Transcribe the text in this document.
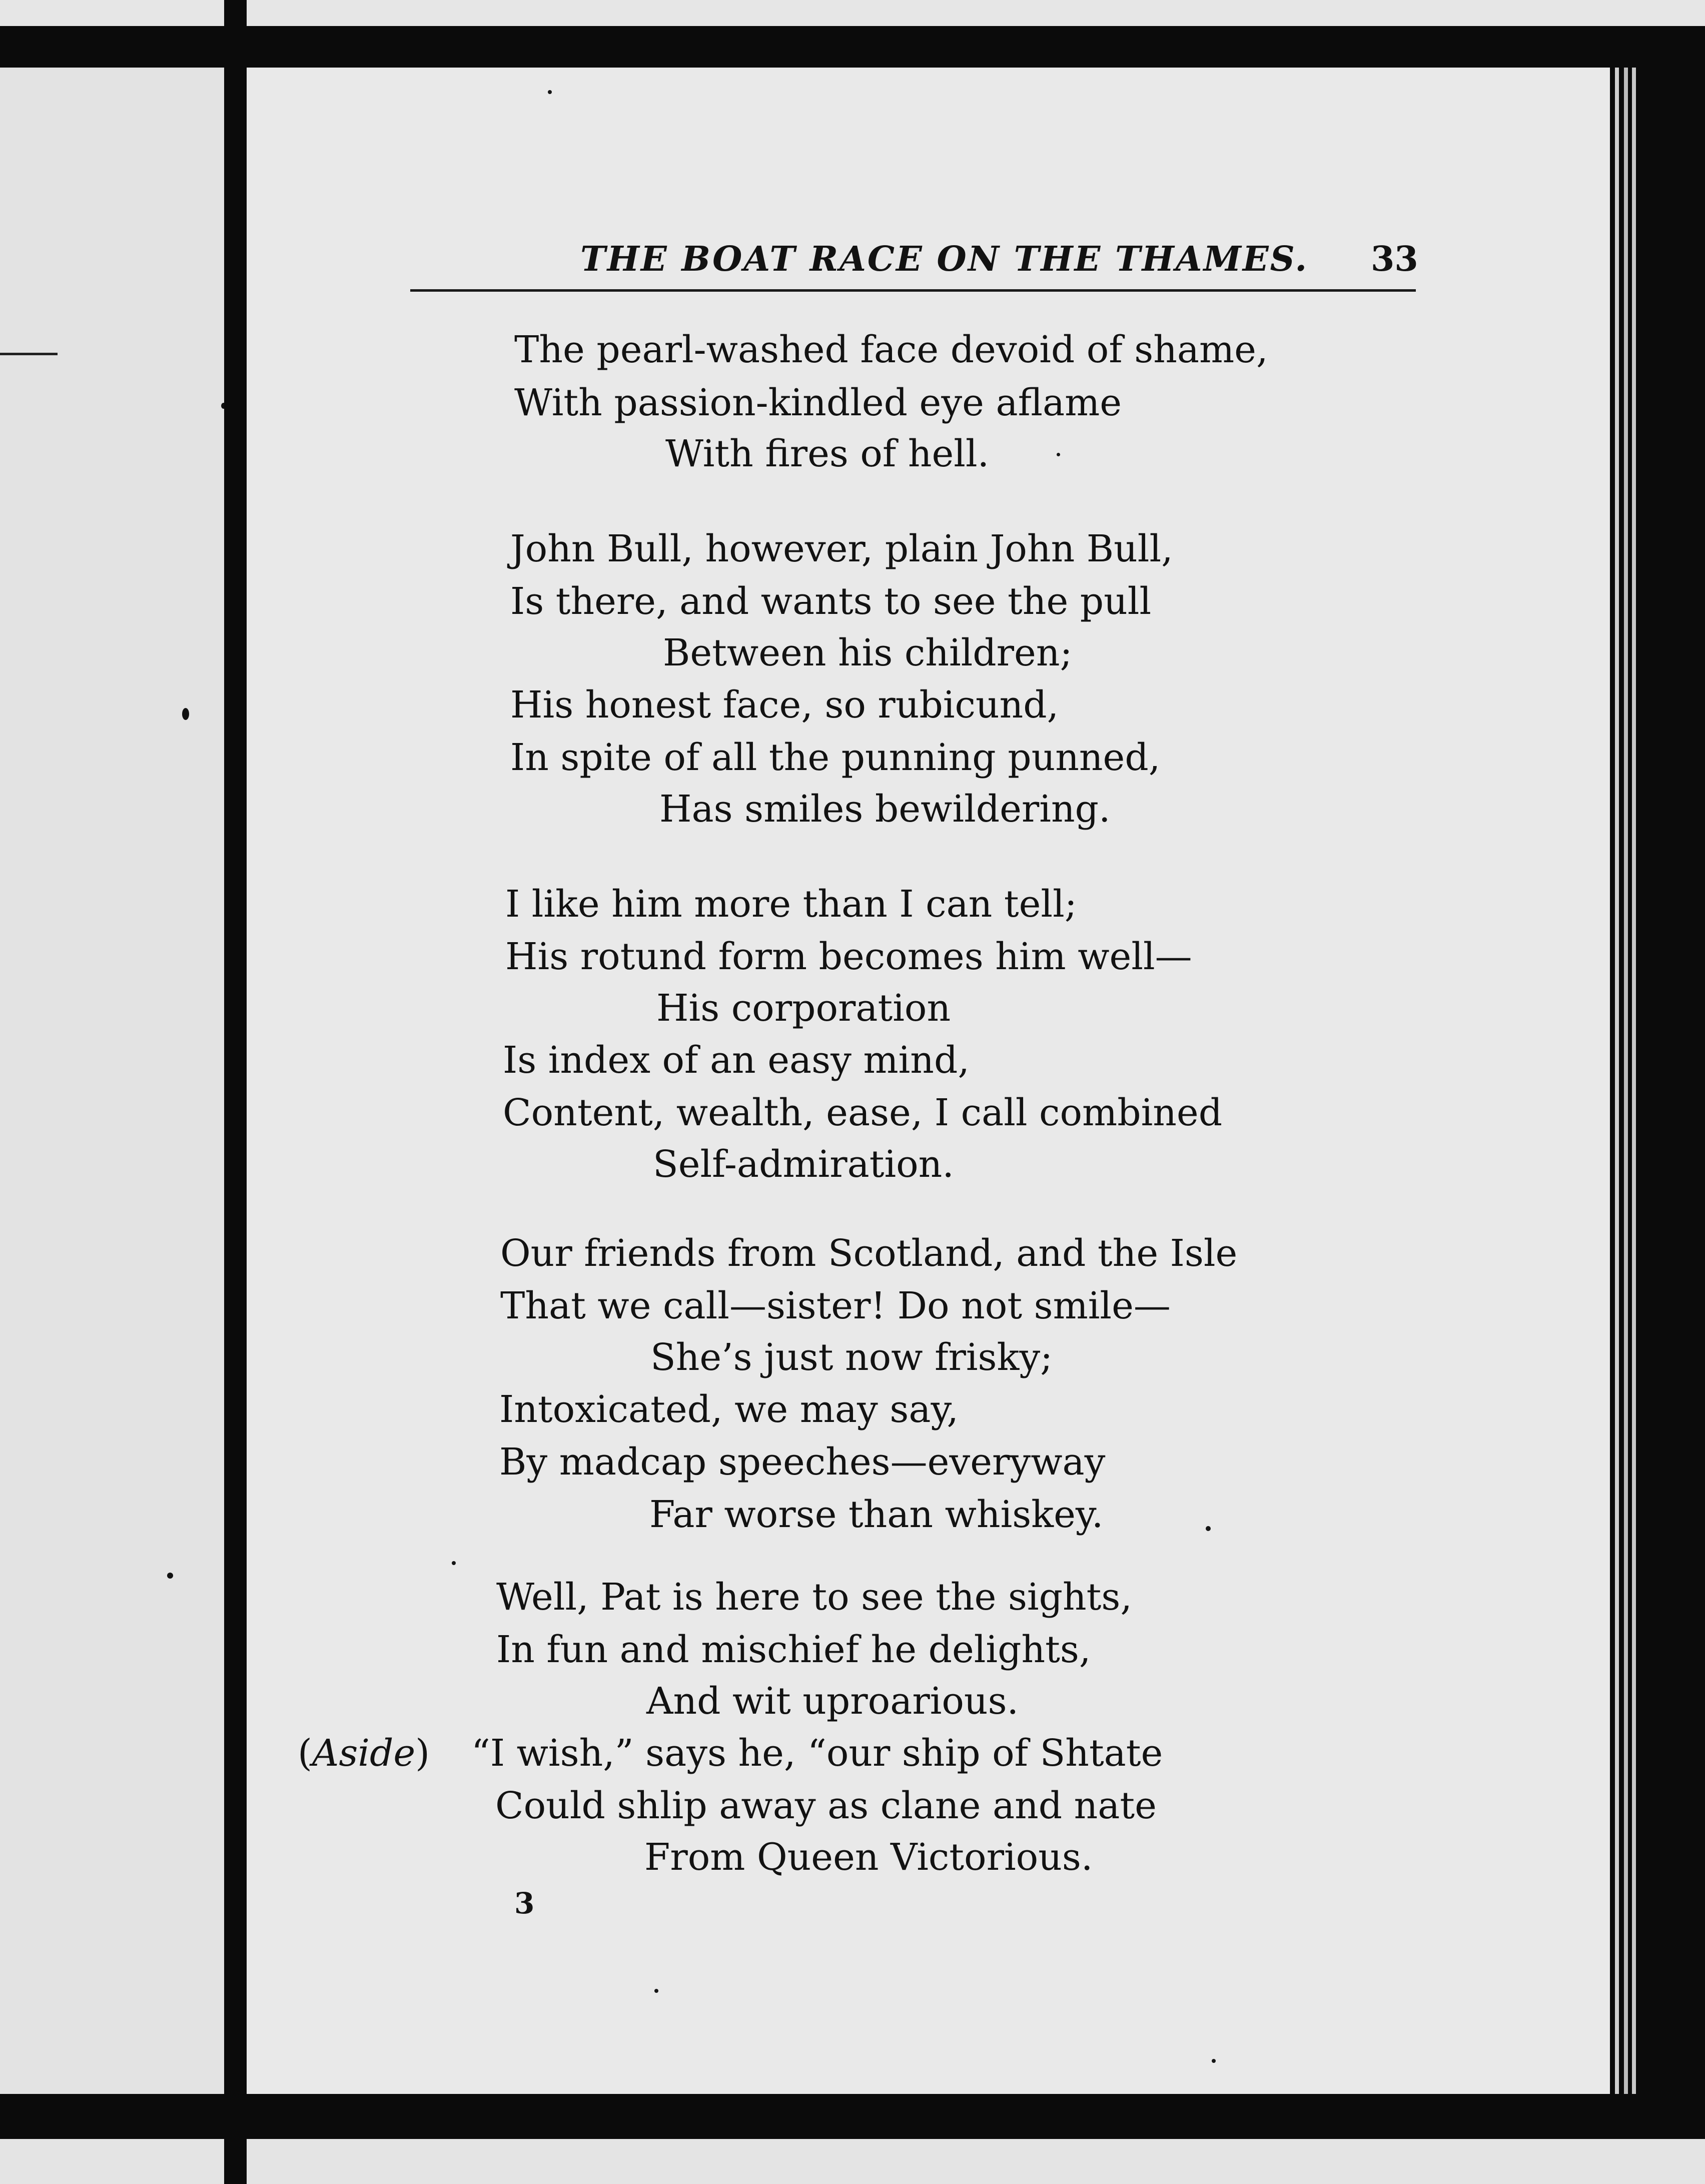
THE BOAT RACE ON THE THAMES. 33
The pearl-washed face devoid of shame,
With passion-kindled eye aflame
With fires of hell.
John Bull, however, plain John Bull,
Is there, and wants to see the pull
Between his children;
His honest face, so rubicund,
In spite of all the punning punned,
Has smiles bewildering.
I like him more than I can tell;
His rotund form becomes him well—
His corporation
Is index of an easy mind,
Content, wealth, ease, I call combined
Self-admiration.
Our friends from Scotland, and the Isle
That we call—sister! Do not smile—
She’s just now frisky;
Intoxicated, we may say,
By madcap speeches—everyway
Far worse than whiskey.
Well, Pat is here to see the sights,
In fun and mischief he delights,
And wit uproarious.
(Aside) “I wish,” says he, “our ship of Shtate
Could shlip away as clane and nate
From Queen Victorious.
3
